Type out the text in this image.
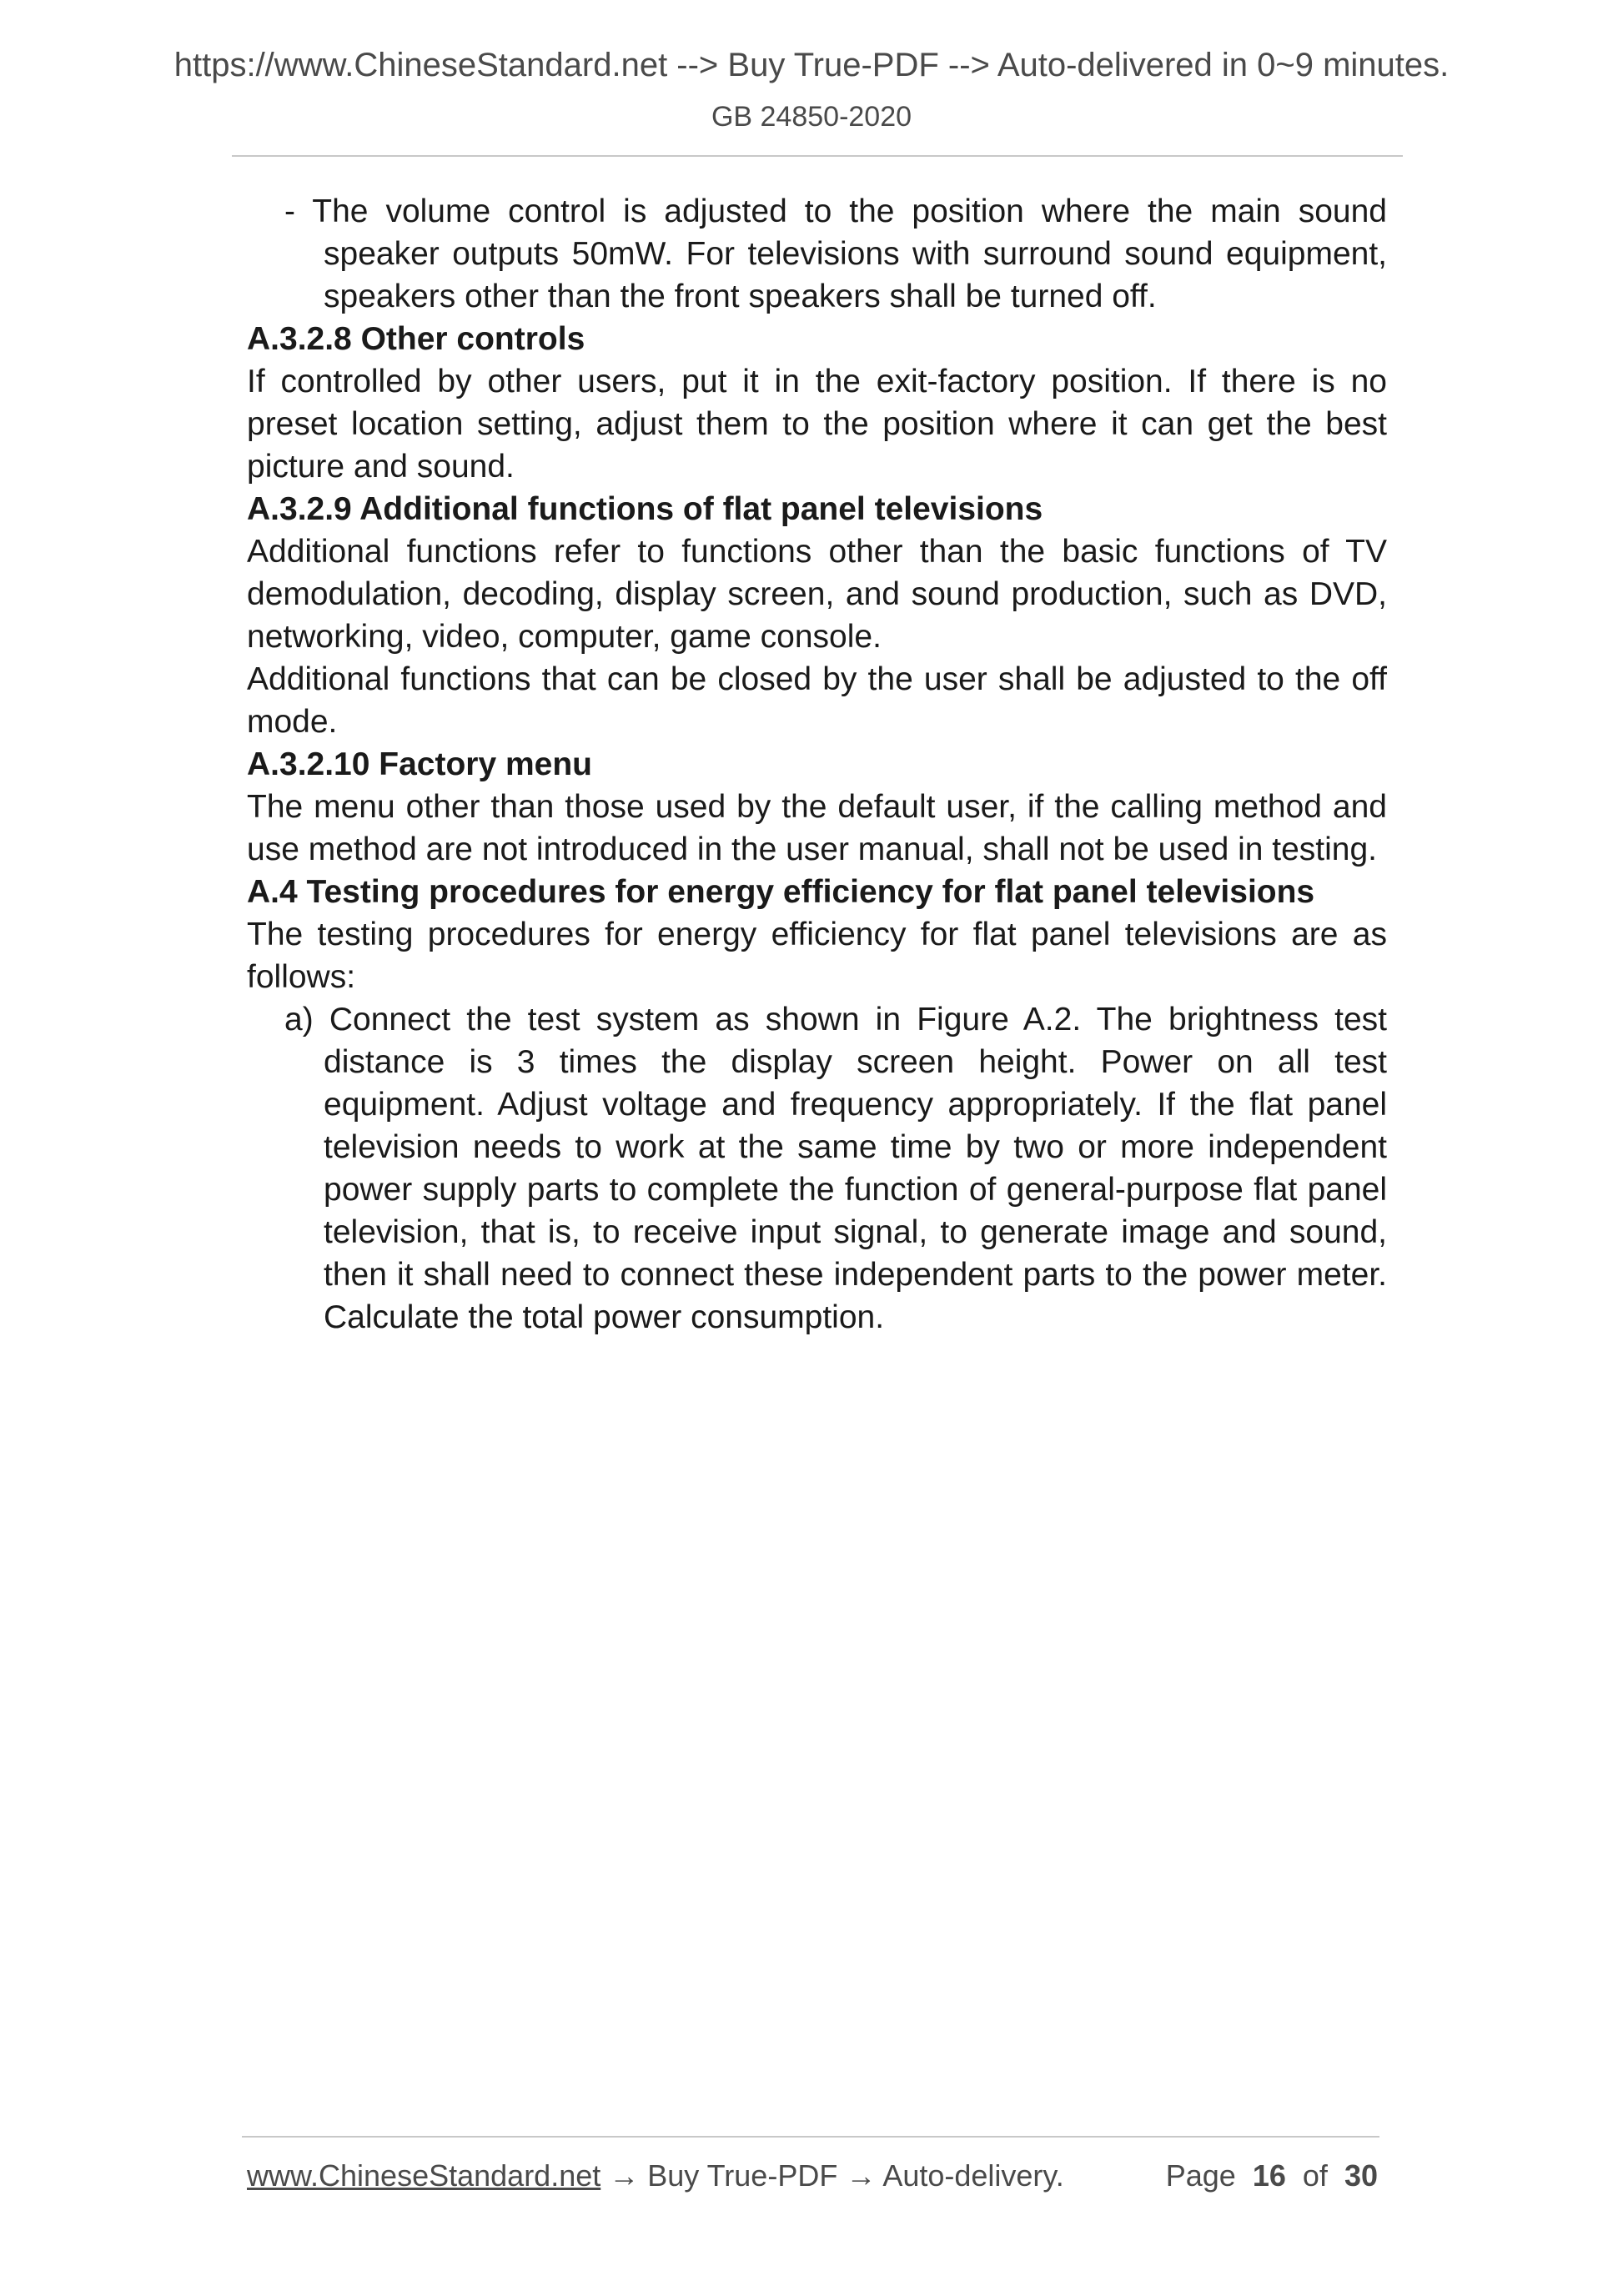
https://www.ChineseStandard.net --> Buy True-PDF --> Auto-delivered in 0~9 minutes.
GB 24850-2020

- The volume control is adjusted to the position where the main sound speaker outputs 50mW. For televisions with surround sound equipment, speakers other than the front speakers shall be turned off.

A.3.2.8 Other controls

If controlled by other users, put it in the exit-factory position. If there is no preset location setting, adjust them to the position where it can get the best picture and sound.

A.3.2.9 Additional functions of flat panel televisions

Additional functions refer to functions other than the basic functions of TV demodulation, decoding, display screen, and sound production, such as DVD, networking, video, computer, game console.

Additional functions that can be closed by the user shall be adjusted to the off mode.

A.3.2.10 Factory menu

The menu other than those used by the default user, if the calling method and use method are not introduced in the user manual, shall not be used in testing.

A.4 Testing procedures for energy efficiency for flat panel televisions

The testing procedures for energy efficiency for flat panel televisions are as follows:

a) Connect the test system as shown in Figure A.2. The brightness test distance is 3 times the display screen height. Power on all test equipment. Adjust voltage and frequency appropriately. If the flat panel television needs to work at the same time by two or more independent power supply parts to complete the function of general-purpose flat panel television, that is, to receive input signal, to generate image and sound, then it shall need to connect these independent parts to the power meter. Calculate the total power consumption.

www.ChineseStandard.net → Buy True-PDF → Auto-delivery.	Page 16 of 30
